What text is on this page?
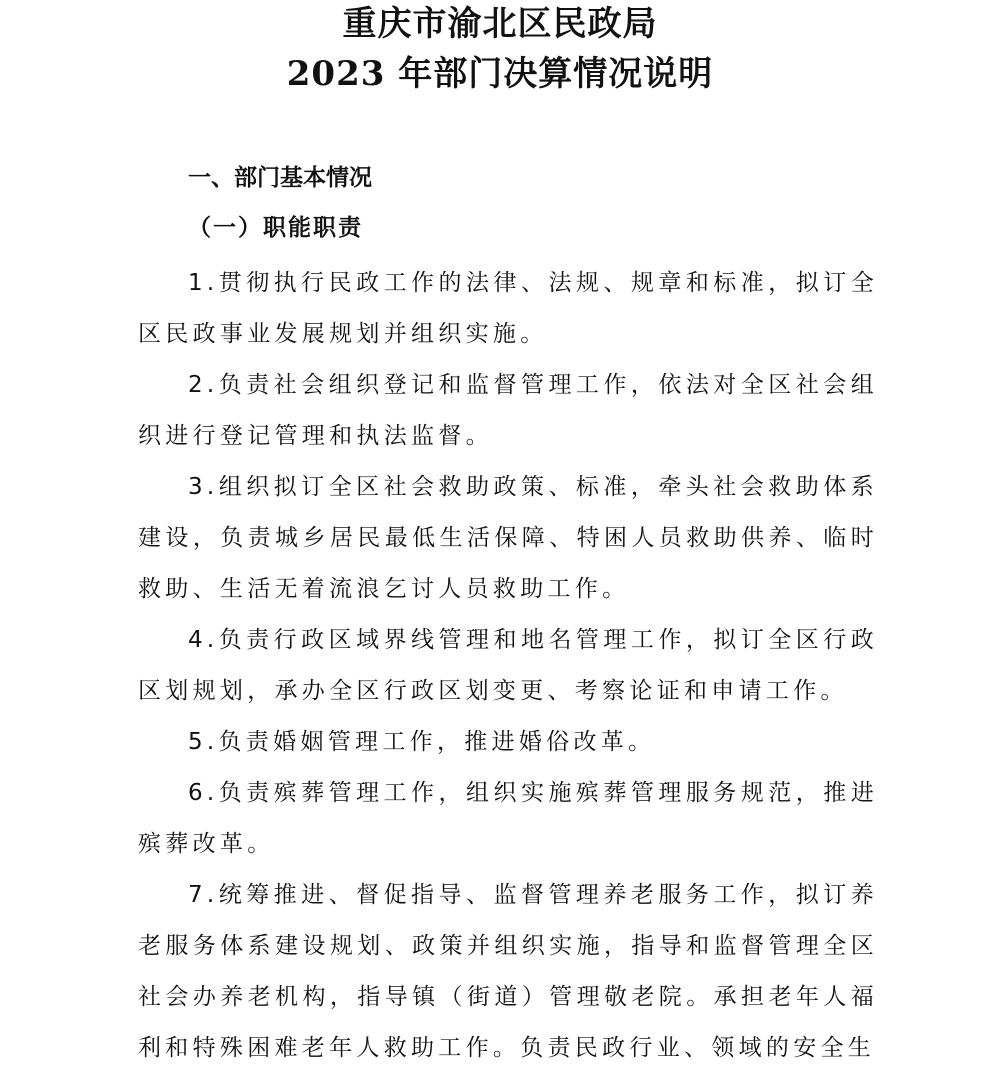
重庆市渝北区民政局
2023 年部门决算情况说明
一、部门基本情况
（一）职能职责

1.贯彻执行民政工作的法律、法规、规章和标准，拟订全区民政事业发展规划并组织实施。

2.负责社会组织登记和监督管理工作，依法对全区社会组织进行登记管理和执法监督。

3.组织拟订全区社会救助政策、标准，牵头社会救助体系建设，负责城乡居民最低生活保障、特困人员救助供养、临时救助、生活无着流浪乞讨人员救助工作。

4.负责行政区域界线管理和地名管理工作，拟订全区行政区划规划，承办全区行政区划变更、考察论证和申请工作。

5.负责婚姻管理工作，推进婚俗改革。

6.负责殡葬管理工作，组织实施殡葬管理服务规范，推进殡葬改革。

7.统筹推进、督促指导、监督管理养老服务工作，拟订养老服务体系建设规划、政策并组织实施，指导和监督管理全区社会办养老机构，指导镇（街道）管理敬老院。承担老年人福利和特殊困难老年人救助工作。负责民政行业、领域的安全生
